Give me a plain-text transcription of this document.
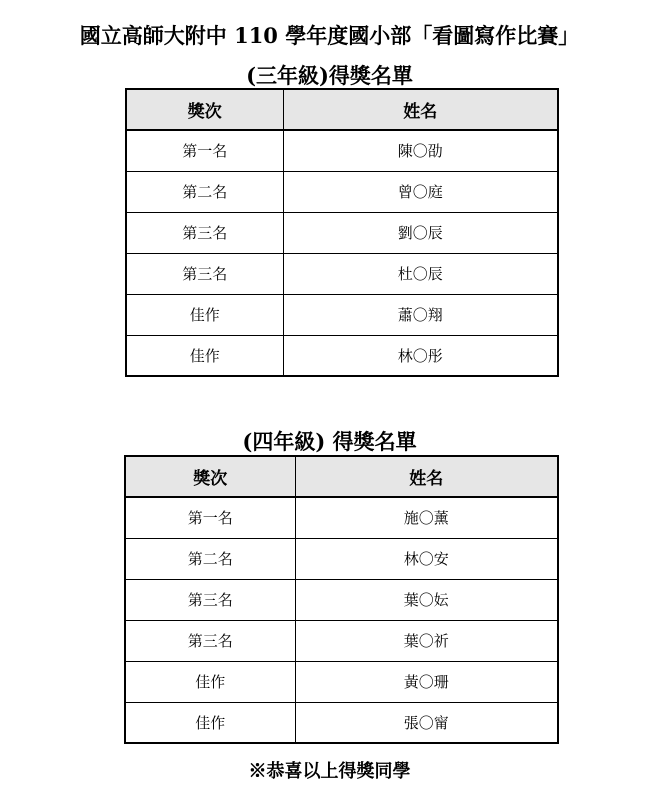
國立高師大附中 110 學年度國小部「看圖寫作比賽」
(三年級)得獎名單
獎次	姓名
第一名	陳〇劭
第二名	曾〇庭
第三名	劉〇辰
第三名	杜〇辰
佳作	蕭〇翔
佳作	林〇彤
(四年級) 得獎名單
獎次	姓名
第一名	施〇薰
第二名	林〇安
第三名	葉〇妘
第三名	葉〇祈
佳作	黃〇珊
佳作	張〇甯
※恭喜以上得獎同學
